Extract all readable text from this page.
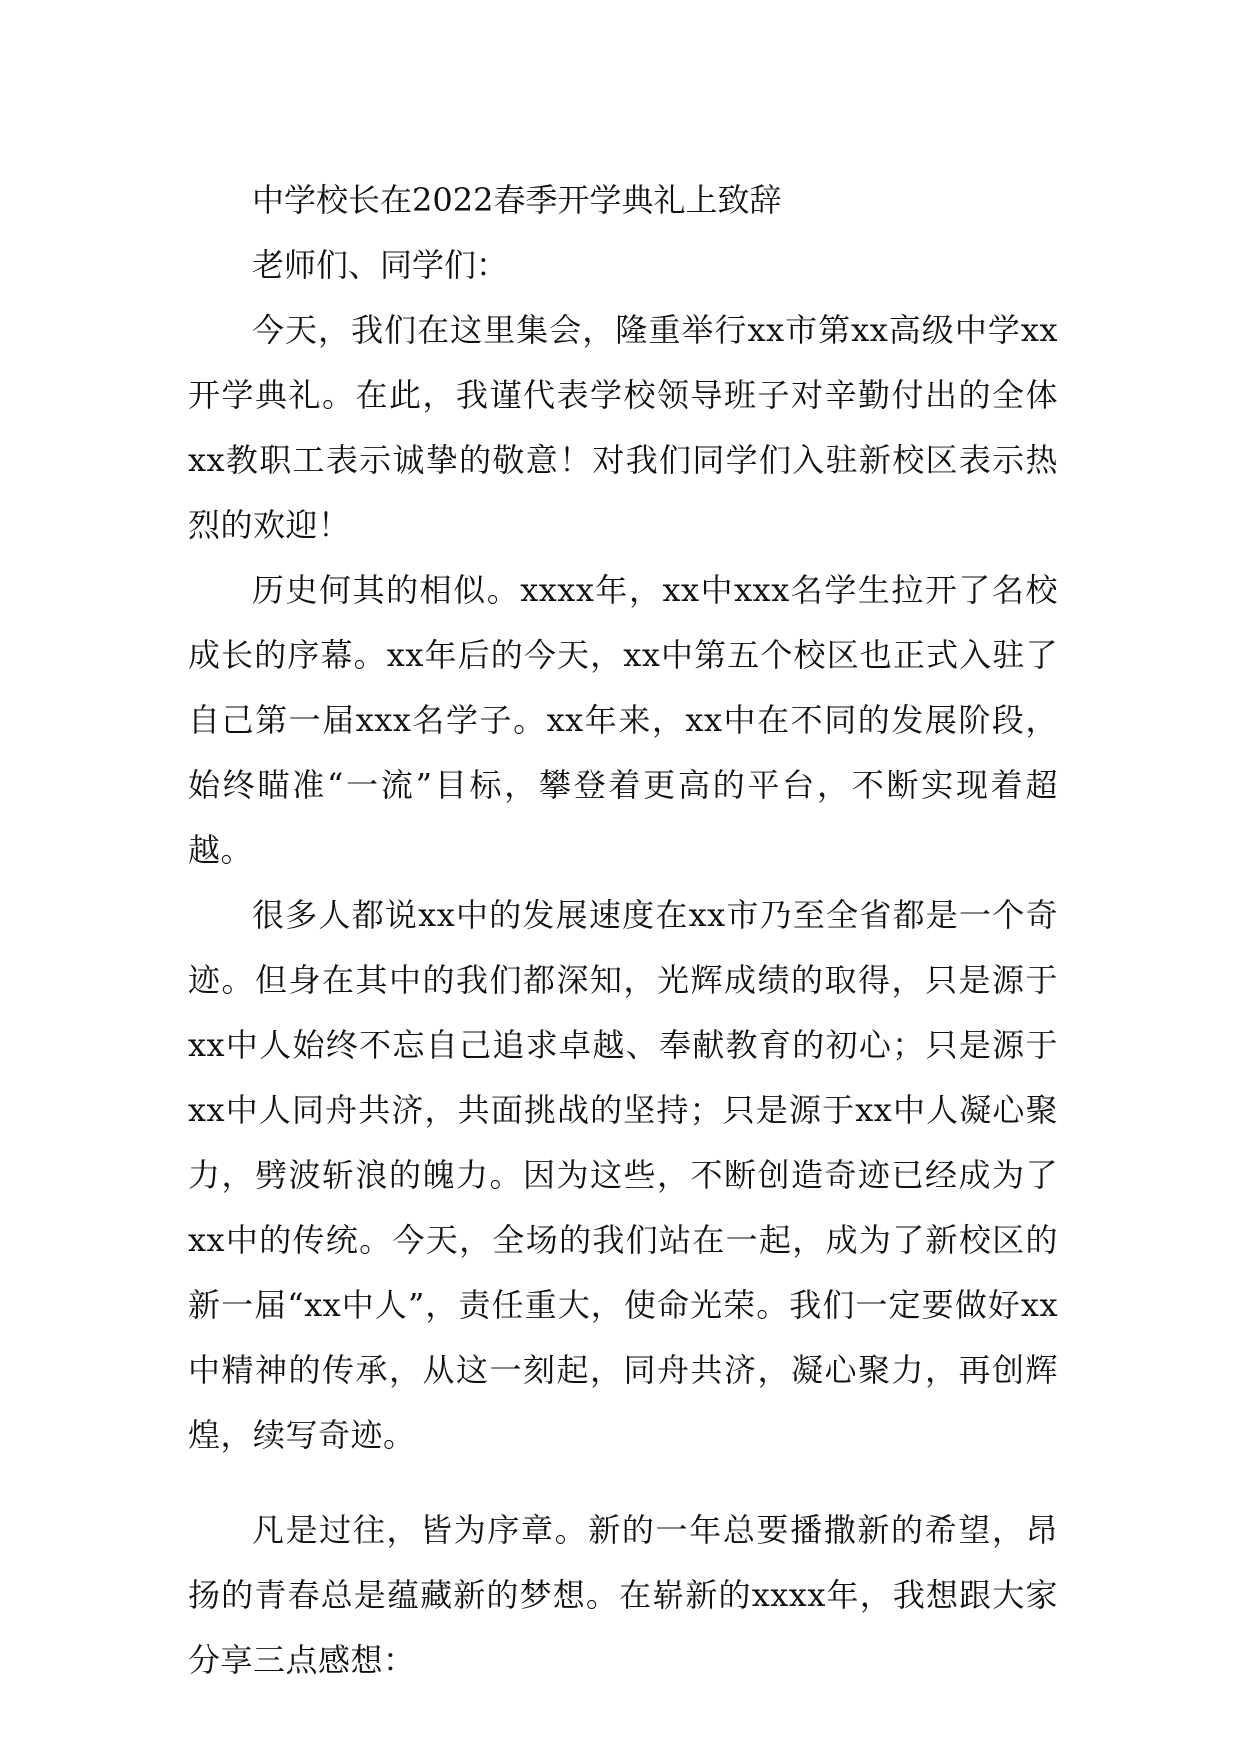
中学校长在2022春季开学典礼上致辞

老师们、同学们：

今天，我们在这里集会，隆重举行xx市第xx高级中学xx开学典礼。在此，我谨代表学校领导班子对辛勤付出的全体xx教职工表示诚挚的敬意！对我们同学们入驻新校区表示热烈的欢迎！

历史何其的相似。xxxx年，xx中xxx名学生拉开了名校成长的序幕。xx年后的今天，xx中第五个校区也正式入驻了自己第一届xxx名学子。xx年来，xx中在不同的发展阶段，始终瞄准“一流”目标，攀登着更高的平台，不断实现着超越。

很多人都说xx中的发展速度在xx市乃至全省都是一个奇迹。但身在其中的我们都深知，光辉成绩的取得，只是源于xx中人始终不忘自己追求卓越、奉献教育的初心；只是源于xx中人同舟共济，共面挑战的坚持；只是源于xx中人凝心聚力，劈波斩浪的魄力。因为这些，不断创造奇迹已经成为了xx中的传统。今天，全场的我们站在一起，成为了新校区的新一届“xx中人”，责任重大，使命光荣。我们一定要做好xx中精神的传承，从这一刻起，同舟共济，凝心聚力，再创辉煌，续写奇迹。

凡是过往，皆为序章。新的一年总要播撒新的希望，昂扬的青春总是蕴藏新的梦想。在崭新的xxxx年，我想跟大家分享三点感想：
